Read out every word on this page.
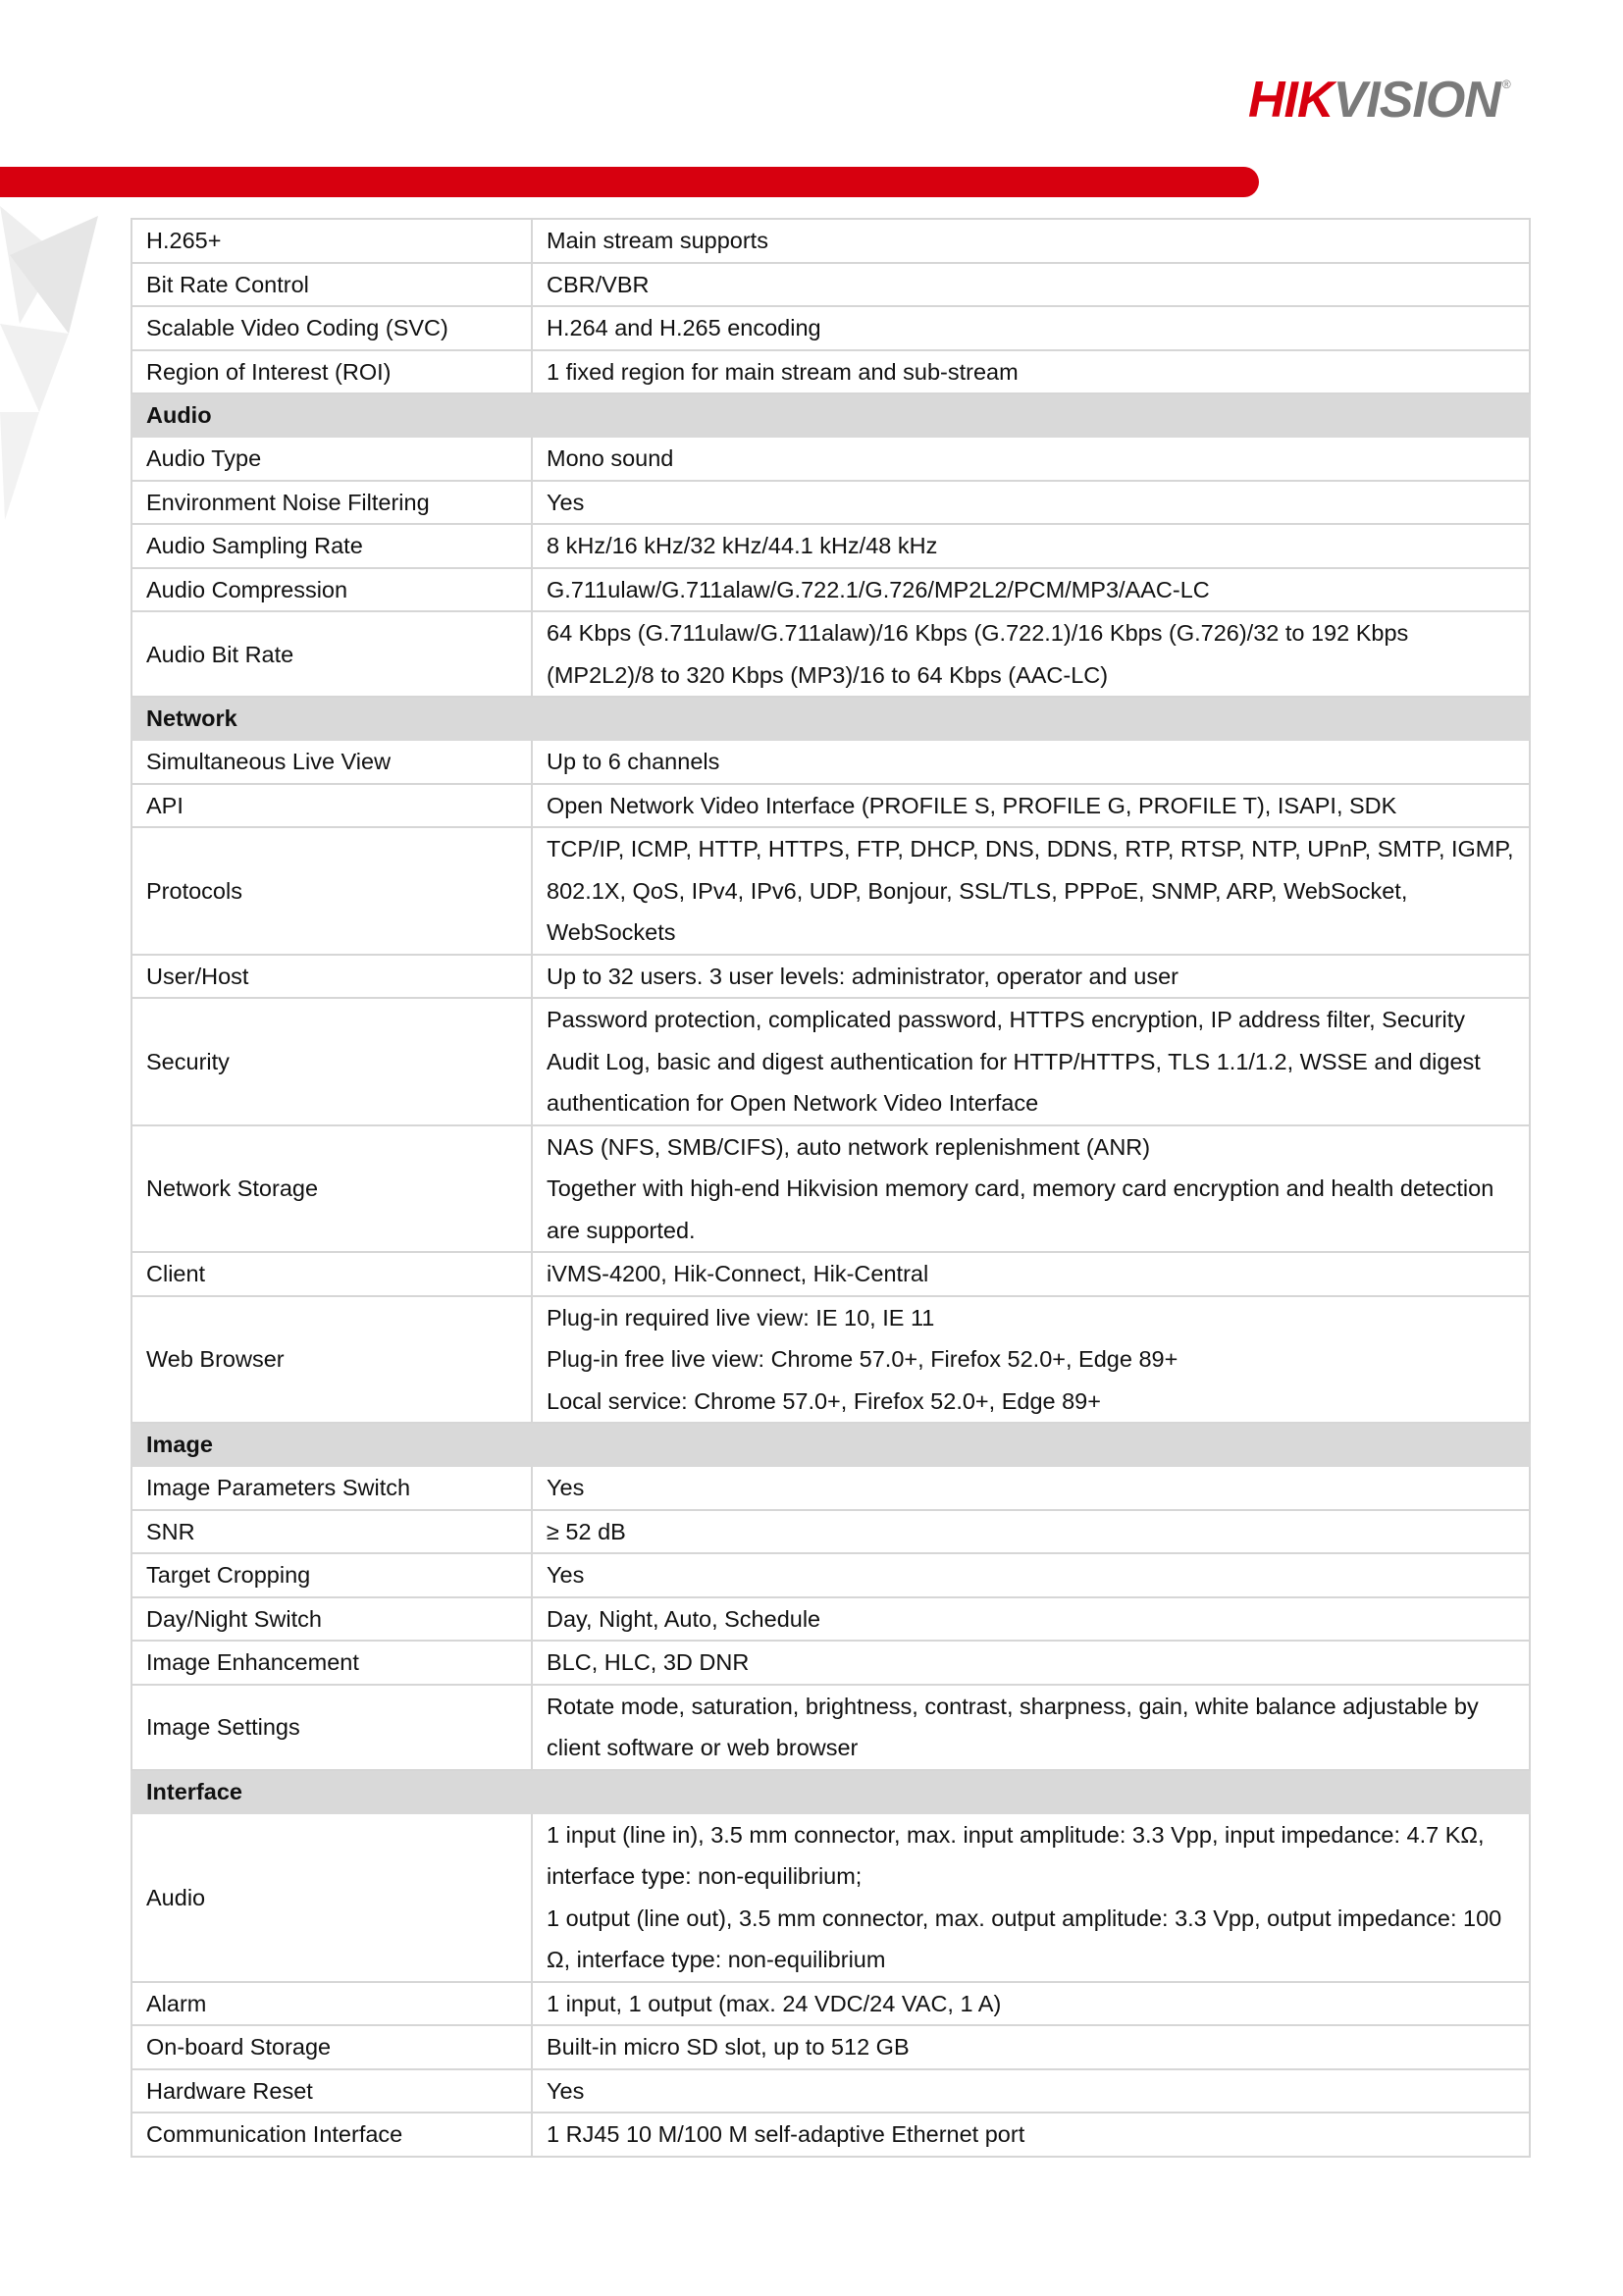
HIKVISION ®
H.265+	Main stream supports

Bit Rate Control	CBR/VBR

Scalable Video Coding (SVC)	H.264 and H.265 encoding

Region of Interest (ROI)	1 fixed region for main stream and sub-stream

Audio	
Audio Type	Mono sound

Environment Noise Filtering	Yes

Audio Sampling Rate	8 kHz/16 kHz/32 kHz/44.1 kHz/48 kHz

Audio Compression	G.711ulaw/G.711alaw/G.722.1/G.726/MP2L2/PCM/MP3/AAC-LC

Audio Bit Rate	64 Kbps (G.711ulaw/G.711alaw)/16 Kbps (G.722.1)/16 Kbps (G.726)/32 to 192 Kbps (MP2L2)/8 to 320 Kbps (MP3)/16 to 64 Kbps (AAC-LC)

Network	
Simultaneous Live View	Up to 6 channels

API	Open Network Video Interface (PROFILE S, PROFILE G, PROFILE T), ISAPI, SDK

Protocols	TCP/IP, ICMP, HTTP, HTTPS, FTP, DHCP, DNS, DDNS, RTP, RTSP, NTP, UPnP, SMTP, IGMP, 802.1X, QoS, IPv4, IPv6, UDP, Bonjour, SSL/TLS, PPPoE, SNMP, ARP, WebSocket, WebSockets

User/Host	Up to 32 users. 3 user levels: administrator, operator and user

Security	Password protection, complicated password, HTTPS encryption, IP address filter, Security Audit Log, basic and digest authentication for HTTP/HTTPS, TLS 1.1/1.2, WSSE and digest authentication for Open Network Video Interface

Network Storage	NAS (NFS, SMB/CIFS), auto network replenishment (ANR)
Together with high-end Hikvision memory card, memory card encryption and health detection are supported.

Client	iVMS-4200, Hik-Connect, Hik-Central

Web Browser	Plug-in required live view: IE 10, IE 11
Plug-in free live view: Chrome 57.0+, Firefox 52.0+, Edge 89+
Local service: Chrome 57.0+, Firefox 52.0+, Edge 89+

Image	
Image Parameters Switch	Yes

SNR	≥ 52 dB

Target Cropping	Yes

Day/Night Switch	Day, Night, Auto, Schedule

Image Enhancement	BLC, HLC, 3D DNR

Image Settings	Rotate mode, saturation, brightness, contrast, sharpness, gain, white balance adjustable by client software or web browser

Interface	
Audio	1 input (line in), 3.5 mm connector, max. input amplitude: 3.3 Vpp, input impedance: 4.7 KΩ, interface type: non-equilibrium;
1 output (line out), 3.5 mm connector, max. output amplitude: 3.3 Vpp, output impedance: 100 Ω, interface type: non-equilibrium

Alarm	1 input, 1 output (max. 24 VDC/24 VAC, 1 A)

On-board Storage	Built-in micro SD slot, up to 512 GB

Hardware Reset	Yes

Communication Interface	1 RJ45 10 M/100 M self-adaptive Ethernet port
